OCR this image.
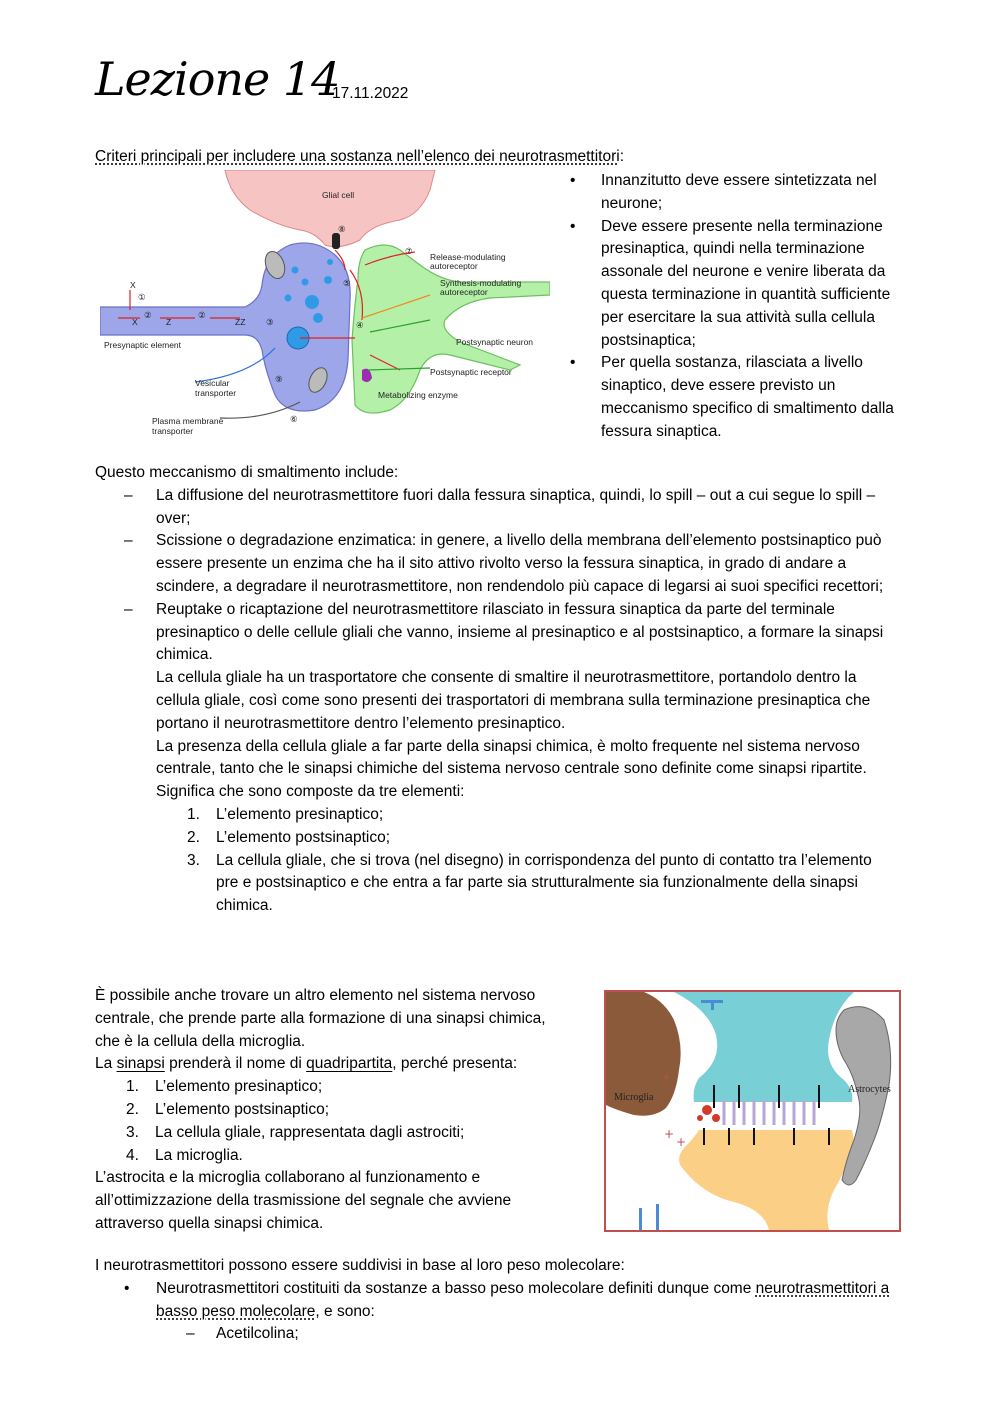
Lezione 14
17.11.2022
Criteri principali per includere una sostanza nell’elenco dei neurotrasmettitori:
Glial cell
Release-modulating
autoreceptor
Synthesis-modulating
autoreceptor
Presynaptic element	Postsynaptic neuron
Postsynaptic receptor
Metabolizing enzyme
Vesicular
transporter
Plasma membrane
transporter
X
X	Z	ZZ
①
②	②
③	④
⑤
⑥
⑦
⑧
⑨
• Innanzitutto deve essere sintetizzata nel neurone;
• Deve essere presente nella terminazione presinaptica, quindi nella terminazione assonale del neurone e venire liberata da questa terminazione in quantità sufficiente per esercitare la sua attività sulla cellula postsinaptica;
• Per quella sostanza, rilasciata a livello sinaptico, deve essere previsto un meccanismo specifico di smaltimento dalla fessura sinaptica.
Questo meccanismo di smaltimento include:
– La diffusione del neurotrasmettitore fuori dalla fessura sinaptica, quindi, lo spill – out a cui segue lo spill – over;
– Scissione o degradazione enzimatica: in genere, a livello della membrana dell’elemento postsinaptico può essere presente un enzima che ha il sito attivo rivolto verso la fessura sinaptica, in grado di andare a scindere, a degradare il neurotrasmettitore, non rendendolo più capace di legarsi ai suoi specifici recettori;
– Reuptake o ricaptazione del neurotrasmettitore rilasciato in fessura sinaptica da parte del terminale presinaptico o delle cellule gliali che vanno, insieme al presinaptico e al postsinaptico, a formare la sinapsi chimica.
La cellula gliale ha un trasportatore che consente di smaltire il neurotrasmettitore, portandolo dentro la cellula gliale, così come sono presenti dei trasportatori di membrana sulla terminazione presinaptica che portano il neurotrasmettitore dentro l’elemento presinaptico.
La presenza della cellula gliale a far parte della sinapsi chimica, è molto frequente nel sistema nervoso centrale, tanto che le sinapsi chimiche del sistema nervoso centrale sono definite come sinapsi ripartite.
Significa che sono composte da tre elementi:
1. L’elemento presinaptico;
2. L’elemento postsinaptico;
3. La cellula gliale, che si trova (nel disegno) in corrispondenza del punto di contatto tra l’elemento pre e postsinaptico e che entra a far parte sia strutturalmente sia funzionalmente della sinapsi chimica.
È possibile anche trovare un altro elemento nel sistema nervoso centrale, che prende parte alla formazione di una sinapsi chimica, che è la cellula della microglia.
La sinapsi prenderà il nome di quadripartita, perché presenta:
1. L’elemento presinaptico;
2. L’elemento postsinaptico;
3. La cellula gliale, rappresentata dagli astrociti;
4. La microglia.
L’astrocita e la microglia collaborano al funzionamento e all’ottimizzazione della trasmissione del segnale che avviene attraverso quella sinapsi chimica.
Microglia
Astrocytes
+
+
+
I neurotrasmettitori possono essere suddivisi in base al loro peso molecolare:
• Neurotrasmettitori costituiti da sostanze a basso peso molecolare definiti dunque come neurotrasmettitori a basso peso molecolare, e sono:
– Acetilcolina;
